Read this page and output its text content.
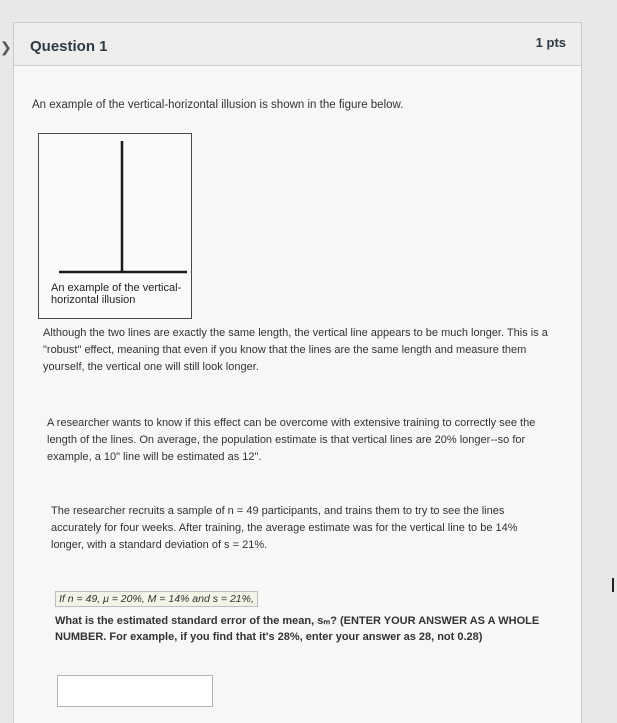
❯ Question 1	1 pts
An example of the vertical-horizontal illusion is shown in the figure below.
An example of the vertical-horizontal illusion
Although the two lines are exactly the same length, the vertical line appears to be much longer. This is a "robust" effect, meaning that even if you know that the lines are the same length and measure them yourself, the vertical one will still look longer.
A researcher wants to know if this effect can be overcome with extensive training to correctly see the length of the lines. On average, the population estimate is that vertical lines are 20% longer--so for example, a 10" line will be estimated as 12".
The researcher recruits a sample of n = 49 participants, and trains them to try to see the lines accurately for four weeks. After training, the average estimate was for the vertical line to be 14% longer, with a standard deviation of s = 21%.
If n = 49, μ = 20%, M = 14% and s = 21%,
What is the estimated standard error of the mean, sₘ? (ENTER YOUR ANSWER AS A WHOLE NUMBER. For example, if you find that it's 28%, enter your answer as 28, not 0.28)
